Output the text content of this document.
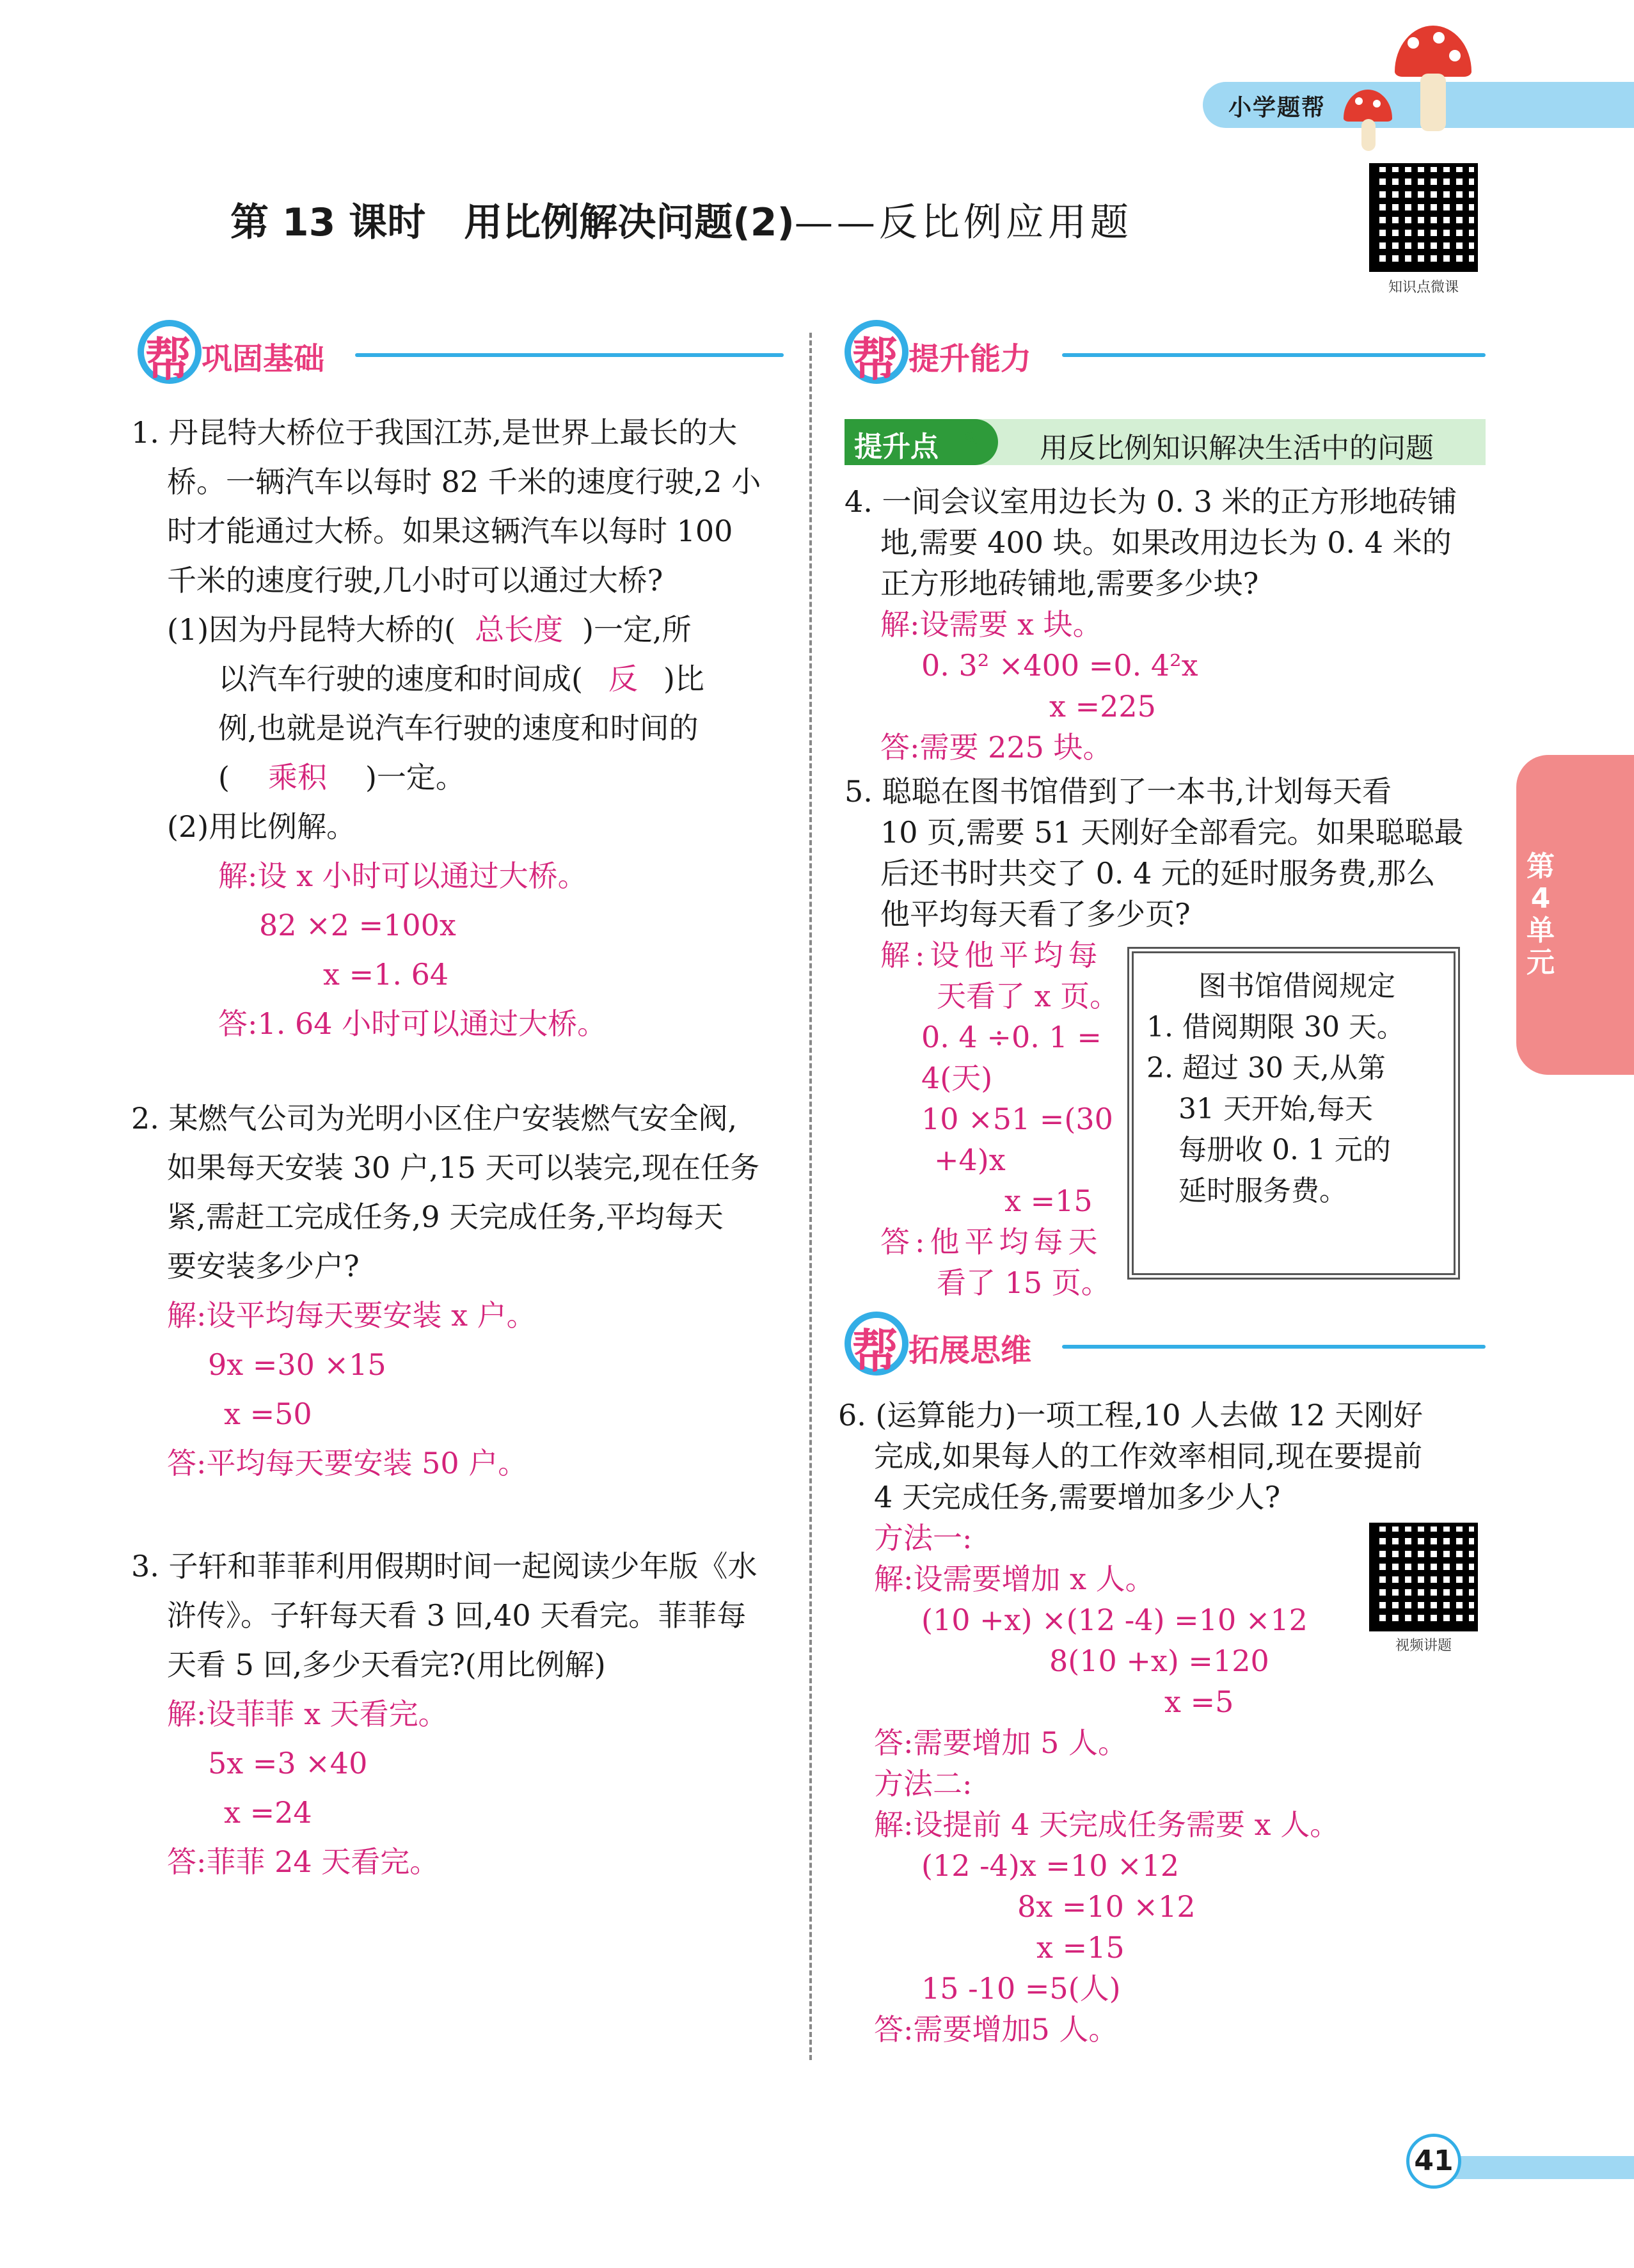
小学题帮
第 13 课时　用比例解决问题(2)——反比例应用题
知识点微课
帮 巩固基础	帮 提升能力
提升点 ✎ 用反比例知识解决生活中的问题
1. 丹昆特大桥位于我国江苏,是世界上最长的大
桥。一辆汽车以每时 82 千米的速度行驶,2 小
时才能通过大桥。如果这辆汽车以每时 100
千米的速度行驶,几小时可以通过大桥?
(1)因为丹昆特大桥的( 总长度 )一定,所
以汽车行驶的速度和时间成( 反 )比
例,也就是说汽车行驶的速度和时间的
( 乘积 )一定。
(2)用比例解。
解:设 x 小时可以通过大桥。
82 ×2 =100x
x =1. 64
答:1. 64 小时可以通过大桥。
2. 某燃气公司为光明小区住户安装燃气安全阀,
如果每天安装 30 户,15 天可以装完,现在任务
紧,需赶工完成任务,9 天完成任务,平均每天
要安装多少户?
解:设平均每天要安装 x 户。
9x =30 ×15
x =50
答:平均每天要安装 50 户。
3. 子轩和菲菲利用假期时间一起阅读少年版《水
浒传》。子轩每天看 3 回,40 天看完。菲菲每
天看 5 回,多少天看完?(用比例解)
解:设菲菲 x 天看完。
5x =3 ×40
x =24
答:菲菲 24 天看完。
4. 一间会议室用边长为 0. 3 米的正方形地砖铺
地,需要 400 块。如果改用边长为 0. 4 米的
正方形地砖铺地,需要多少块?
解:设需要 x 块。
0. 3² ×400 =0. 4²x
x =225
答:需要 225 块。
5. 聪聪在图书馆借到了一本书,计划每天看
10 页,需要 51 天刚好全部看完。如果聪聪最
后还书时共交了 0. 4 元的延时服务费,那么
他平均每天看了多少页?
解:设他平均每
天看了 x 页。
0. 4 ÷0. 1 =
4(天)
10 ×51 =(30
+4)x
x =15
答:他平均每天
看了 15 页。
图书馆借阅规定
1. 借阅期限 30 天。
2. 超过 30 天,从第
31 天开始,每天
每册收 0. 1 元的
延时服务费。
帮 拓展思维
6. (运算能力)一项工程,10 人去做 12 天刚好
完成,如果每人的工作效率相同,现在要提前
4 天完成任务,需要增加多少人?
方法一:
解:设需要增加 x 人。
(10 +x) ×(12 -4) =10 ×12
8(10 +x) =120
x =5
答:需要增加 5 人。
方法二:
解:设提前 4 天完成任务需要 x 人。
(12 -4)x =10 ×12
8x =10 ×12
x =15
15 -10 =5(人)
答:需要增加5 人。
视频讲题
第
4
单
元
41
